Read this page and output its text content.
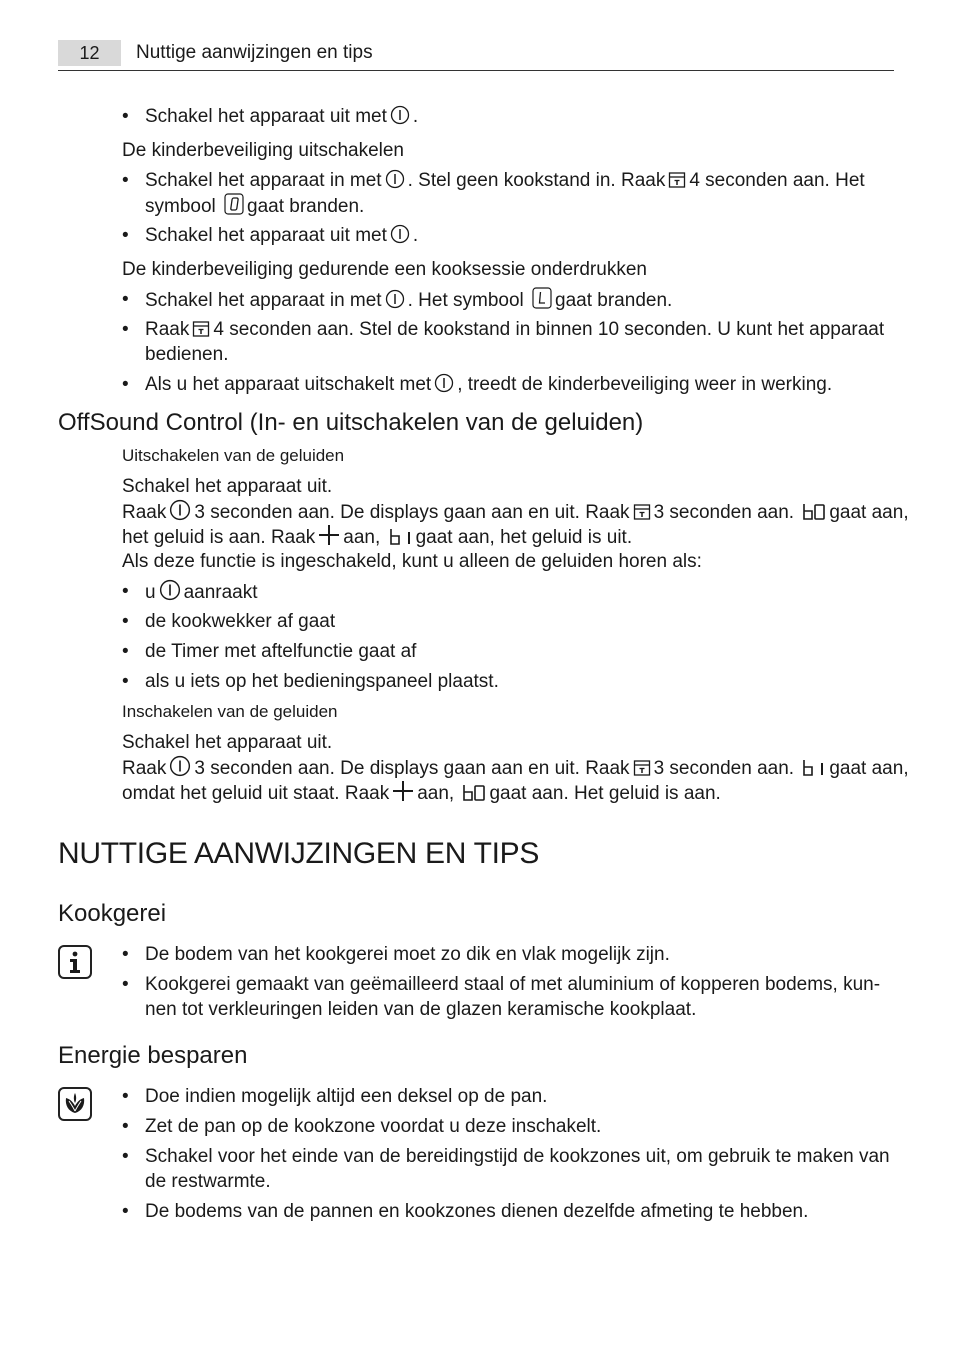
12	Nuttige aanwijzingen en tips
• Schakel het apparaat uit met .
De kinderbeveiliging uitschakelen
• Schakel het apparaat in met . Stel geen kookstand in. Raak 4 seconden aan. Het
symbool gaat branden.
• Schakel het apparaat uit met .
De kinderbeveiliging gedurende een kooksessie onderdrukken
• Schakel het apparaat in met . Het symbool gaat branden.
• Raak 4 seconden aan. Stel de kookstand in binnen 10 seconden. U kunt het apparaat
bedienen.
• Als u het apparaat uitschakelt met , treedt de kinderbeveiliging weer in werking.
OffSound Control (In- en uitschakelen van de geluiden)
Uitschakelen van de geluiden
Schakel het apparaat uit.
Raak 3 seconden aan. De displays gaan aan en uit. Raak 3 seconden aan. gaat aan,
het geluid is aan. Raak aan, gaat aan, het geluid is uit.
Als deze functie is ingeschakeld, kunt u alleen de geluiden horen als:
• u aanraakt
• de kookwekker af gaat
• de Timer met aftelfunctie gaat af
• als u iets op het bedieningspaneel plaatst.
Inschakelen van de geluiden
Schakel het apparaat uit.
Raak 3 seconden aan. De displays gaan aan en uit. Raak 3 seconden aan. gaat aan,
omdat het geluid uit staat. Raak aan, gaat aan. Het geluid is aan.
NUTTIGE AANWIJZINGEN EN TIPS
Kookgerei
• De bodem van het kookgerei moet zo dik en vlak mogelijk zijn.
• Kookgerei gemaakt van geëmailleerd staal of met aluminium of kopperen bodems, kun-
nen tot verkleuringen leiden van de glazen keramische kookplaat.
Energie besparen
• Doe indien mogelijk altijd een deksel op de pan.
• Zet de pan op de kookzone voordat u deze inschakelt.
• Schakel voor het einde van de bereidingstijd de kookzones uit, om gebruik te maken van
de restwarmte.
• De bodems van de pannen en kookzones dienen dezelfde afmeting te hebben.
